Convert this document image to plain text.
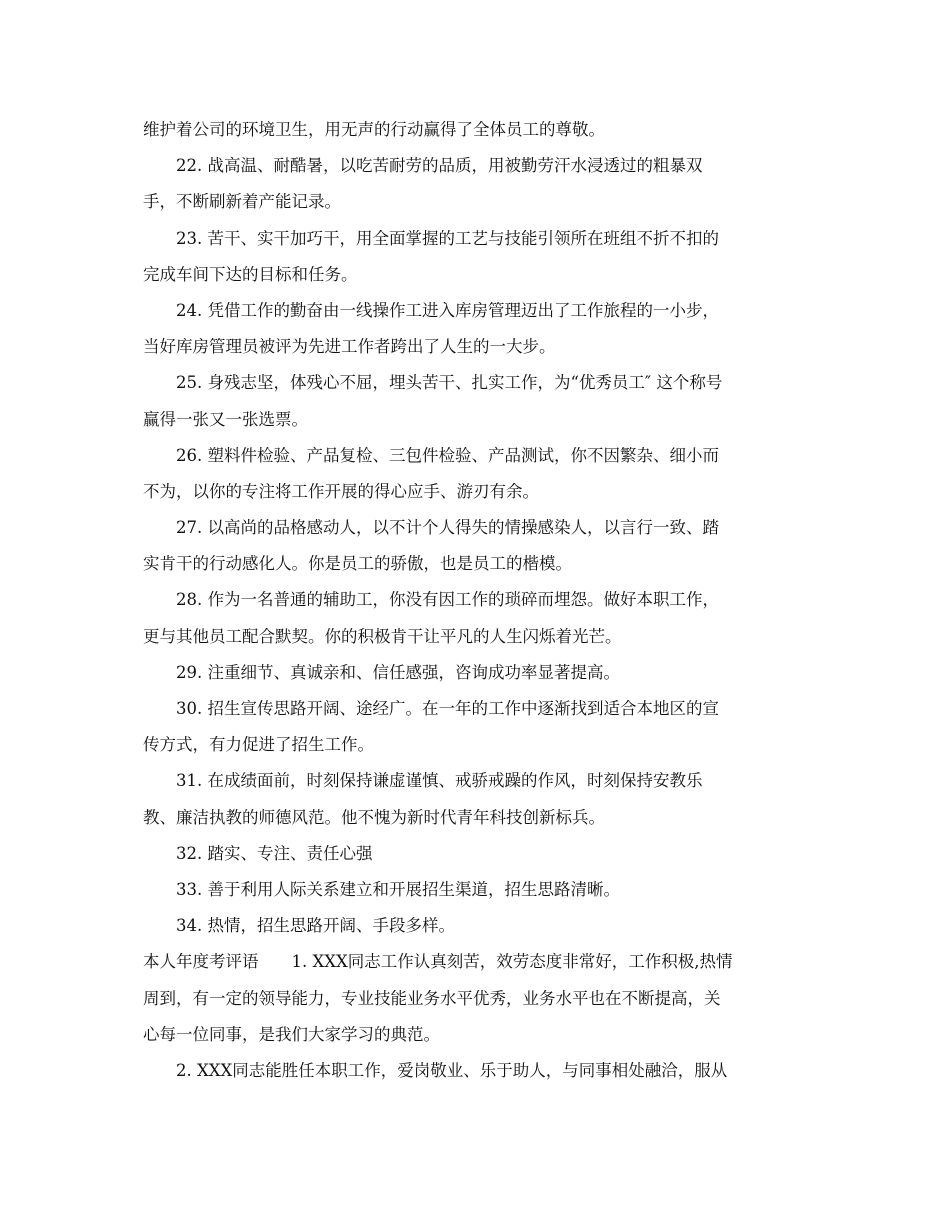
维护着公司的环境卫生，用无声的行动赢得了全体员工的尊敬。
22. 战高温、耐酷暑，以吃苦耐劳的品质，用被勤劳汗水浸透过的粗暴双
手，不断刷新着产能记录。
23. 苦干、实干加巧干，用全面掌握的工艺与技能引领所在班组不折不扣的
完成车间下达的目标和任务。
24. 凭借工作的勤奋由一线操作工进入库房管理迈出了工作旅程的一小步，
当好库房管理员被评为先进工作者跨出了人生的一大步。
25. 身残志坚，体残心不屈，埋头苦干、扎实工作，为“优秀员工″ 这个称号
赢得一张又一张选票。
26. 塑料件检验、产品复检、三包件检验、产品测试，你不因繁杂、细小而
不为，以你的专注将工作开展的得心应手、游刃有余。
27. 以高尚的品格感动人，以不计个人得失的情操感染人，以言行一致、踏
实肯干的行动感化人。你是员工的骄傲，也是员工的楷模。
28. 作为一名普通的辅助工，你没有因工作的琐碎而埋怨。做好本职工作，
更与其他员工配合默契。你的积极肯干让平凡的人生闪烁着光芒。
29. 注重细节、真诚亲和、信任感强，咨询成功率显著提高。
30. 招生宣传思路开阔、途经广。在一年的工作中逐渐找到适合本地区的宣
传方式，有力促进了招生工作。
31. 在成绩面前，时刻保持谦虚谨慎、戒骄戒躁的作风，时刻保持安教乐
教、廉洁执教的师德风范。他不愧为新时代青年科技创新标兵。
32. 踏实、专注、责任心强
33. 善于利用人际关系建立和开展招生渠道，招生思路清晰。
34. 热情，招生思路开阔、手段多样。
本人年度考评语　　1. XXX同志工作认真刻苦，效劳态度非常好，工作积极,热情
周到，有一定的领导能力，专业技能业务水平优秀，业务水平也在不断提高，关
心每一位同事，是我们大家学习的典范。
2. XXX同志能胜任本职工作，爱岗敬业、乐于助人，与同事相处融洽，服从
